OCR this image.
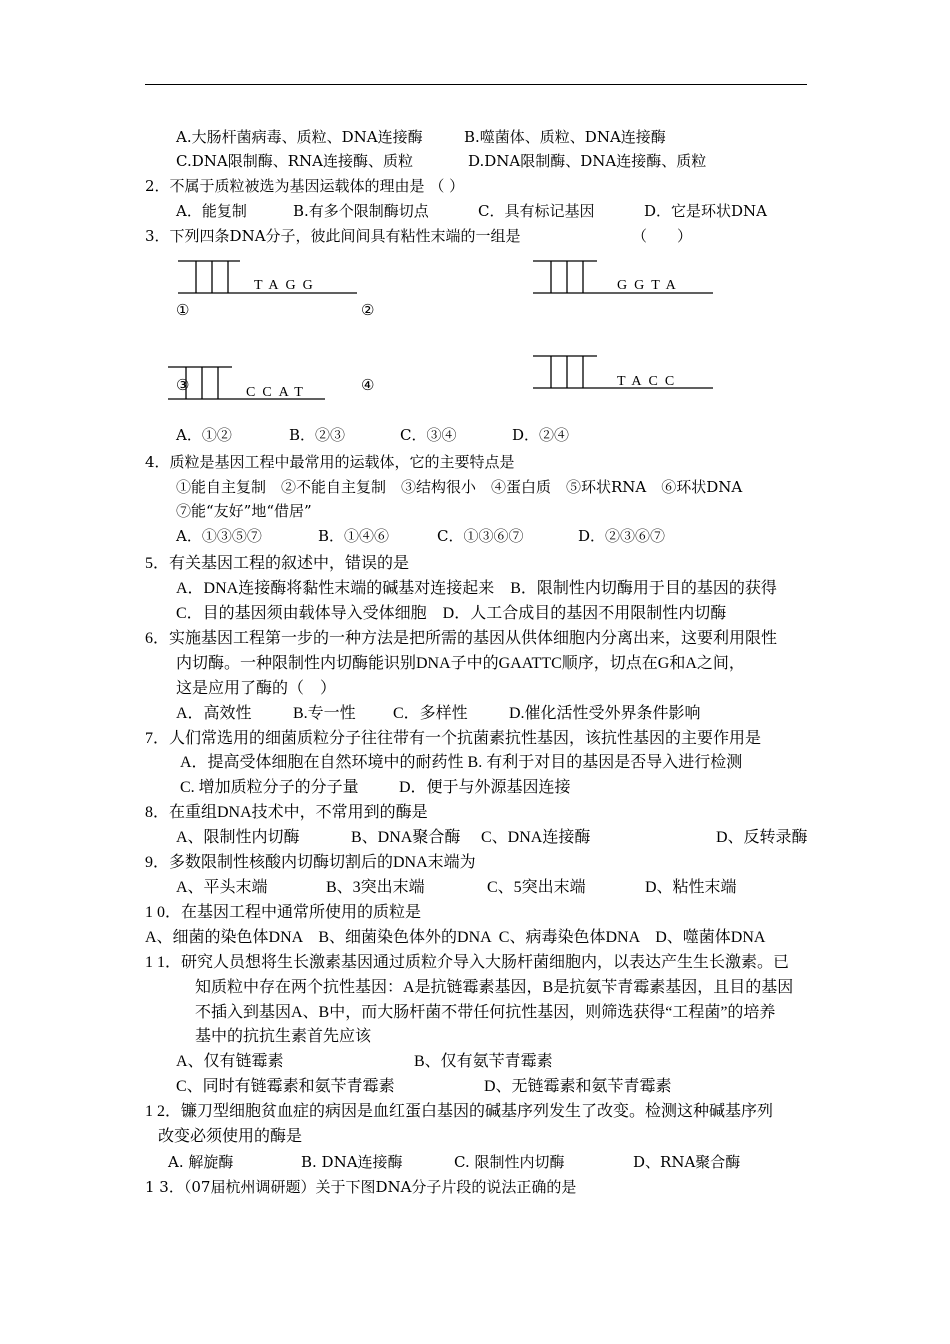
A.大肠杆菌病毒、质粒、DNA连接酶	B.噬菌体、质粒、DNA连接酶
C.DNA限制酶、RNA连接酶、质粒	D.DNA限制酶、DNA连接酶、质粒
2．不属于质粒被选为基因运载体的理由是 （ ）
A．能复制	B.有多个限制酶切点	C．具有标记基因	D．它是环状DNA
3．下列四条DNA分子，彼此间间具有粘性末端的一组是	（　　）
TAGG	GGTA
CCAT
TACC
①	②
③	④
A．①②	B．②③	C．③④	D．②④
4．质粒是基因工程中最常用的运载体，它的主要特点是
①能自主复制　②不能自主复制　③结构很小　④蛋白质　⑤环状RNA　⑥环状DNA
⑦能“友好”地“借居”
A．①③⑤⑦	B．①④⑥	C．①③⑥⑦	D．②③⑥⑦
5．有关基因工程的叙述中，错误的是
A．DNA连接酶将黏性末端的碱基对连接起来　B．限制性内切酶用于目的基因的获得
C．目的基因须由载体导入受体细胞　D．人工合成目的基因不用限制性内切酶
6．实施基因工程第一步的一种方法是把所需的基因从供体细胞内分离出来，这要利用限性
内切酶。一种限制性内切酶能识别DNA子中的GAATTC顺序，切点在G和A之间，
这是应用了酶的（　）
A．高效性	B.专一性 C．多样性	D.催化活性受外界条件影响
7．人们常选用的细菌质粒分子往往带有一个抗菌素抗性基因，该抗性基因的主要作用是
A．提高受体细胞在自然环境中的耐药性 B. 有利于对目的基因是否导入进行检测
C. 增加质粒分子的分子量	D．便于与外源基因连接
8．在重组DNA技术中，不常用到的酶是
A、限制性内切酶	B、DNA聚合酶 C、DNA连接酶	D、反转录酶
9．多数限制性核酸内切酶切割后的DNA末端为
A、平头末端	B、3突出末端	C、5突出末端	D、粘性末端
1 0．在基因工程中通常所使用的质粒是
A、细菌的染色体DNA　B、细菌染色体外的DNA  C、病毒染色体DNA　D、噬菌体DNA
1 1．研究人员想将生长激素基因通过质粒介导入大肠杆菌细胞内，以表达产生生长激素。已
知质粒中存在两个抗性基因：A是抗链霉素基因，B是抗氨苄青霉素基因，且目的基因
不插入到基因A、B中，而大肠杆菌不带任何抗性基因，则筛选获得“工程菌”的培养
基中的抗抗生素首先应该
A、仅有链霉素	B、仅有氨苄青霉素
C、同时有链霉素和氨苄青霉素	D、无链霉素和氨苄青霉素
1 2．镰刀型细胞贫血症的病因是血红蛋白基因的碱基序列发生了改变。检测这种碱基序列
改变必须使用的酶是
A. 解旋酶	B. DNA连接酶	C. 限制性内切酶	D、RNA聚合酶
1 3．（07届杭州调研题）关于下图DNA分子片段的说法正确的是
